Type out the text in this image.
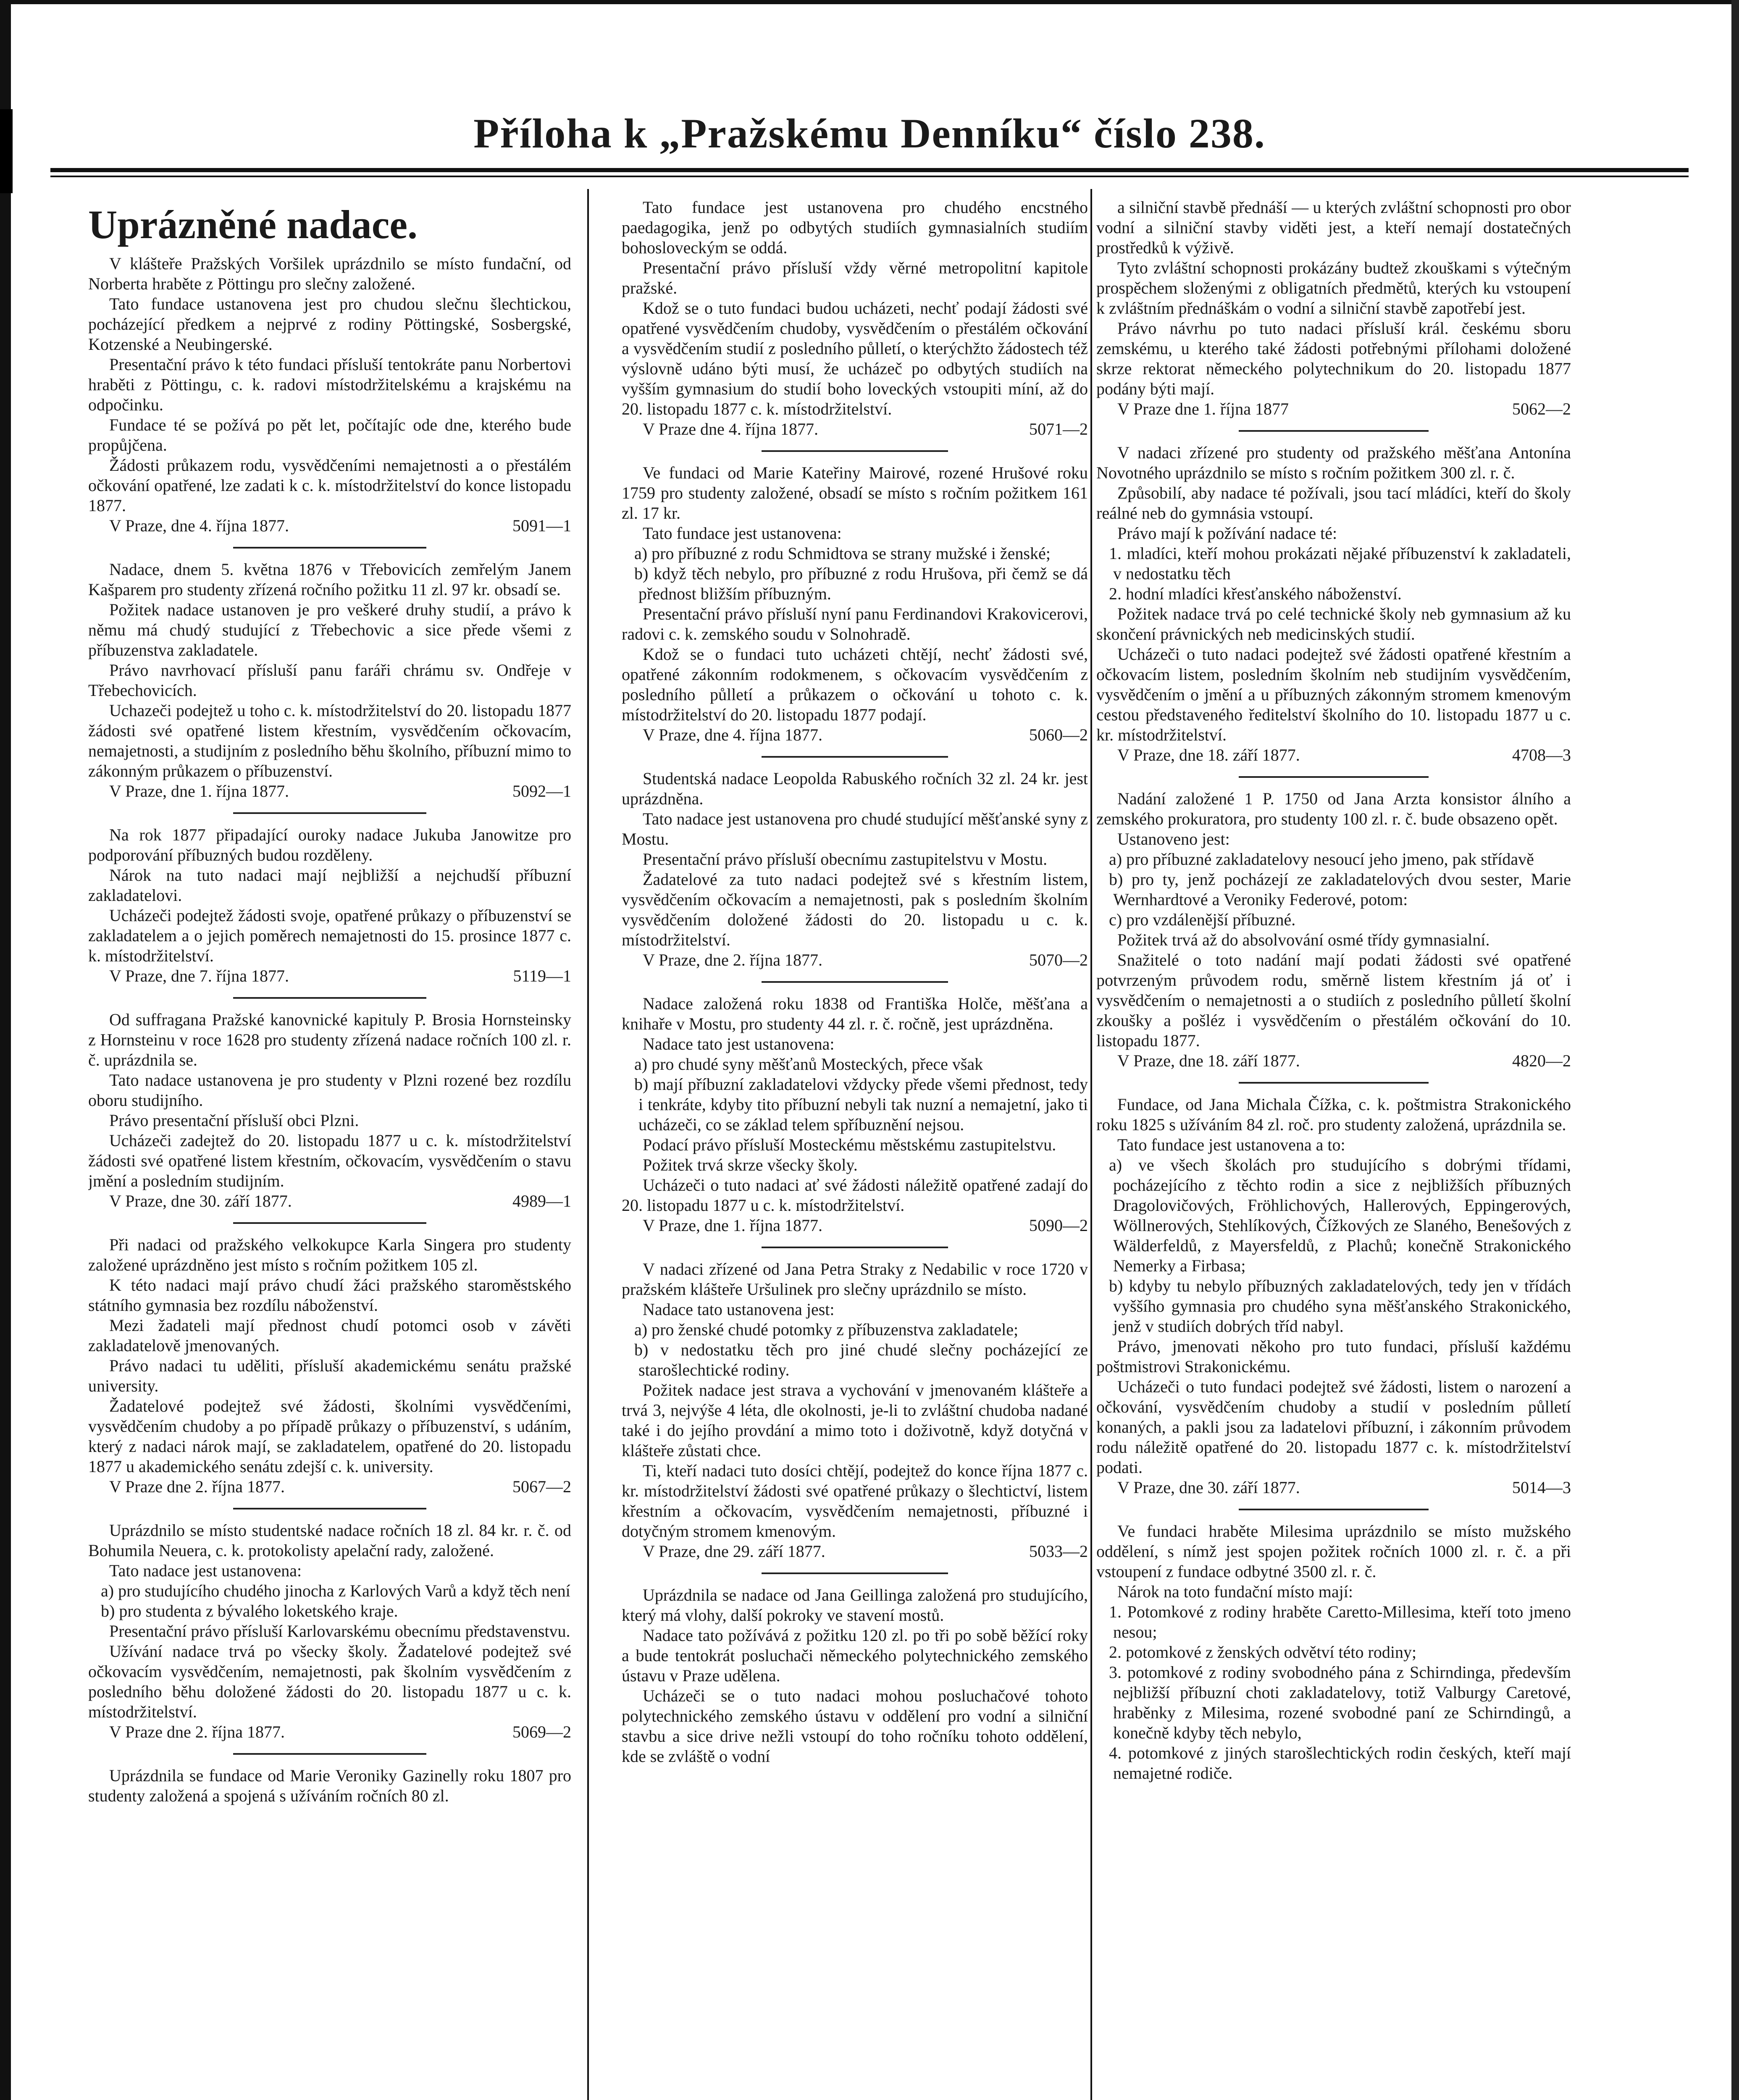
Příloha k „Pražskému Denníku“ číslo 238.
Uprázněné nadace.

V klášteře Pražských Voršilek uprázdnilo se místo fundační, od Norberta hraběte z Pöttingu pro slečny založené.

Tato fundace ustanovena jest pro chudou slečnu šlechtickou, pocházející předkem a nejprvé z rodiny Pöttingské, Sosbergské, Kotzenské a Neubingerské.

Presentační právo k této fundaci přísluší tentokráte panu Norbertovi hraběti z Pöttingu, c. k. radovi místodržitelskému a krajskému na odpočinku.

Fundace té se požívá po pět let, počítajíc ode dne, kterého bude propůjčena.

Žádosti průkazem rodu, vysvědčeními nemajetnosti a o přestálém očkování opatřené, lze zadati k c. k. místodržitelství do konce listopadu 1877.

V Praze, dne 4. října 1877.	5091—1

Nadace, dnem 5. května 1876 v Třebovicích zemřelým Janem Kašparem pro studenty zřízená ročního požitku 11 zl. 97 kr. obsadí se.

Požitek nadace ustanoven je pro veškeré druhy studií, a právo k němu má chudý studující z Třebechovic a sice přede všemi z příbuzenstva zakladatele.

Právo navrhovací přísluší panu faráři chrámu sv. Ondřeje v Třebechovicích.

Uchazeči podejtež u toho c. k. místodržitelství do 20. listopadu 1877 žádosti své opatřené listem křestním, vysvědčením očkovacím, nemajetnosti, a studijním z posledního běhu školního, příbuzní mimo to zákonným průkazem o příbuzenství.

V Praze, dne 1. října 1877.	5092—1

Na rok 1877 připadající ouroky nadace Jukuba Janowitze pro podporování příbuzných budou rozděleny.

Nárok na tuto nadaci mají nejbližší a nejchudší příbuzní zakladatelovi.

Ucházeči podejtež žádosti svoje, opatřené průkazy o příbuzenství se zakladatelem a o jejich poměrech nemajetnosti do 15. prosince 1877 c. k. místodržitelství.

V Praze, dne 7. října 1877.	5119—1

Od suffragana Pražské kanovnické kapituly P. Brosia Hornsteinsky z Hornsteinu v roce 1628 pro studenty zřízená nadace ročních 100 zl. r. č. uprázdnila se.

Tato nadace ustanovena je pro studenty v Plzni rozené bez rozdílu oboru studijního.

Právo presentační přísluší obci Plzni.

Ucházeči zadejtež do 20. listopadu 1877 u c. k. místodržitelství žádosti své opatřené listem křestním, očkovacím, vysvědčením o stavu jmění a posledním studijním.

V Praze, dne 30. září 1877.	4989—1

Při nadaci od pražského velkokupce Karla Singera pro studenty založené uprázdněno jest místo s ročním požitkem 105 zl.

K této nadaci mají právo chudí žáci pražského staroměstského státního gymnasia bez rozdílu náboženství.

Mezi žadateli mají přednost chudí potomci osob v závěti zakladatelově jmenovaných.

Právo nadaci tu uděliti, přísluší akademickému senátu pražské university.

Žadatelové podejtež své žádosti, školními vysvědčeními, vysvědčením chudoby a po případě průkazy o příbuzenství, s udáním, který z nadaci nárok mají, se zakladatelem, opatřené do 20. listopadu 1877 u akademického senátu zdejší c. k. university.

V Praze dne 2. října 1877.	5067—2

Uprázdnilo se místo studentské nadace ročních 18 zl. 84 kr. r. č. od Bohumila Neuera, c. k. protokolisty apelační rady, založené.

Tato nadace jest ustanovena:

a) pro studujícího chudého jinocha z Karlových Varů a když těch není

b) pro studenta z bývalého loketského kraje.

Presentační právo přísluší Karlovarskému obecnímu představenstvu.

Užívání nadace trvá po všecky školy. Žadatelové podejtež své očkovacím vysvědčením, nemajetnosti, pak školním vysvědčením z posledního běhu doložené žádosti do 20. listopadu 1877 u c. k. místodržitelství.

V Praze dne 2. října 1877.	5069—2

Uprázdnila se fundace od Marie Veroniky Gazinelly roku 1807 pro studenty založená a spojená s užíváním ročních 80 zl.

Tato fundace jest ustanovena pro chudého encstného paedagogika, jenž po odbytých studiích gymnasialních studiím bohosloveckým se oddá.

Presentační právo přísluší vždy věrné metropolitní kapitole pražské.

Kdož se o tuto fundaci budou ucházeti, nechť podají žádosti své opatřené vysvědčením chudoby, vysvědčením o přestálém očkování a vysvědčením studií z posledního půlletí, o kterýchžto žádostech též výslovně udáno býti musí, že ucházeč po odbytých studiích na vyšším gymnasium do studií boho loveckých vstoupiti míní, až do 20. listopadu 1877 c. k. místodržitelství.

V Praze dne 4. října 1877.	5071—2

Ve fundaci od Marie Kateřiny Mairové, rozené Hrušové roku 1759 pro studenty založené, obsadí se místo s ročním požitkem 161 zl. 17 kr.

Tato fundace jest ustanovena:

a) pro příbuzné z rodu Schmidtova se strany mužské i ženské;

b) když těch nebylo, pro příbuzné z rodu Hrušova, při čemž se dá přednost bližším příbuzným.

Presentační právo přísluší nyní panu Ferdinandovi Krakovicerovi, radovi c. k. zemského soudu v Solnohradě.

Kdož se o fundaci tuto ucházeti chtějí, nechť žádosti své, opatřené zákonním rodokmenem, s očkovacím vysvědčením z posledního půlletí a průkazem o očkování u tohoto c. k. místodržitelství do 20. listopadu 1877 podají.

V Praze, dne 4. října 1877.	5060—2

Studentská nadace Leopolda Rabuského ročních 32 zl. 24 kr. jest uprázdněna.

Tato nadace jest ustanovena pro chudé studující měšťanské syny z Mostu.

Presentační právo přísluší obecnímu zastupitelstvu v Mostu.

Žadatelové za tuto nadaci podejtež své s křestním listem, vysvědčením očkovacím a nemajetnosti, pak s posledním školním vysvědčením doložené žádosti do 20. listopadu u c. k. místodržitelství.

V Praze, dne 2. října 1877.	5070—2

Nadace založená roku 1838 od Františka Holče, měšťana a knihaře v Mostu, pro studenty 44 zl. r. č. ročně, jest uprázdněna.

Nadace tato jest ustanovena:

a) pro chudé syny měšťanů Mosteckých, přece však

b) mají příbuzní zakladatelovi vždycky přede všemi přednost, tedy i tenkráte, kdyby tito příbuzní nebyli tak nuzní a nemajetní, jako ti ucházeči, co se základ telem spříbuznění nejsou.

Podací právo přísluší Mosteckému městskému zastupitelstvu.

Požitek trvá skrze všecky školy.

Ucházeči o tuto nadaci ať své žádosti náležitě opatřené zadají do 20. listopadu 1877 u c. k. místodržitelství.

V Praze, dne 1. října 1877.	5090—2

V nadaci zřízené od Jana Petra Straky z Nedabilic v roce 1720 v pražském klášteře Uršulinek pro slečny uprázdnilo se místo.

Nadace tato ustanovena jest:

a) pro ženské chudé potomky z příbuzenstva zakladatele;

b) v nedostatku těch pro jiné chudé slečny pocházející ze starošlechtické rodiny.

Požitek nadace jest strava a vychování v jmenovaném klášteře a trvá 3, nejvýše 4 léta, dle okolnosti, je-li to zvláštní chudoba nadané také i do jejího provdání a mimo toto i doživotně, když dotyčná v klášteře zůstati chce.

Ti, kteří nadaci tuto dosíci chtějí, podejtež do konce října 1877 c. kr. místodržitelství žádosti své opatřené průkazy o šlechtictví, listem křestním a očkovacím, vysvědčením nemajetnosti, příbuzné i dotyčným stromem kmenovým.

V Praze, dne 29. září 1877.	5033—2

Uprázdnila se nadace od Jana Geillinga založená pro studujícího, který má vlohy, další pokroky ve stavení mostů.

Nadace tato požívává z požitku 120 zl. po tři po sobě běžící roky a bude tentokrát posluchači německého polytechnického zemského ústavu v Praze udělena.

Ucházeči se o tuto nadaci mohou posluchačové tohoto polytechnického zemského ústavu v oddělení pro vodní a silniční stavbu a sice drive nežli vstoupí do toho ročníku tohoto oddělení, kde se zvláště o vodní

a silniční stavbě přednáší — u kterých zvláštní schopnosti pro obor vodní a silniční stavby viděti jest, a kteří nemají dostatečných prostředků k výživě.

Tyto zvláštní schopnosti prokázány budtež zkouškami s výtečným prospěchem složenými z obligatních předmětů, kterých ku vstoupení k zvláštním přednáškám o vodní a silniční stavbě zapotřebí jest.

Právo návrhu po tuto nadaci přísluší král. českému sboru zemskému, u kterého také žádosti potřebnými přílohami doložené skrze rektorat německého polytechnikum do 20. listopadu 1877 podány býti mají.

V Praze dne 1. října 1877	5062—2

V nadaci zřízené pro studenty od pražského měšťana Antonína Novotného uprázdnilo se místo s ročním požitkem 300 zl. r. č.

Způsobilí, aby nadace té požívali, jsou tací mládíci, kteří do školy reálné neb do gymnásia vstoupí.

Právo mají k požívání nadace té:

1. mladíci, kteří mohou prokázati nějaké příbuzenství k zakladateli, v nedostatku těch

2. hodní mladíci křesťanského náboženství.

Požitek nadace trvá po celé technické školy neb gymnasium až ku skončení právnických neb medicinských studií.

Ucházeči o tuto nadaci podejtež své žádosti opatřené křestním a očkovacím listem, posledním školním neb studijním vysvědčením, vysvědčením o jmění a u příbuzných zákonným stromem kmenovým cestou představeného ředitelství školního do 10. listopadu 1877 u c. kr. místodržitelství.

V Praze, dne 18. září 1877.	4708—3

Nadání založené 1 P. 1750 od Jana Arzta konsistor álního a zemského prokuratora, pro studenty 100 zl. r. č. bude obsazeno opět.

Ustanoveno jest:

a) pro příbuzné zakladatelovy nesoucí jeho jmeno, pak střídavě

b) pro ty, jenž pocházejí ze zakladatelových dvou sester, Marie Wernhardtové a Veroniky Federové, potom:

c) pro vzdálenější příbuzné.

Požitek trvá až do absolvování osmé třídy gymnasialní.

Snažitelé o toto nadání mají podati žádosti své opatřené potvrzeným průvodem rodu, směrně listem křestním já oť i vysvědčením o nemajetnosti a o studiích z posledního půlletí školní zkoušky a pošléz i vysvědčením o přestálém očkování do 10. listopadu 1877.

V Praze, dne 18. září 1877.	4820—2

Fundace, od Jana Michala Čížka, c. k. poštmistra Strakonického roku 1825 s užíváním 84 zl. roč. pro studenty založená, uprázdnila se.

Tato fundace jest ustanovena a to:

a) ve všech školách pro studujícího s dobrými třídami, pocházejícího z těchto rodin a sice z nejbližších příbuzných Dragolovičových, Fröhlichových, Hallerových, Eppingerových, Wöllnerových, Stehlíkových, Čížkových ze Slaného, Benešových z Wälderfeldů, z Mayersfeldů, z Plachů; konečně Strakonického Nemerky a Firbasa;

b) kdyby tu nebylo příbuzných zakladatelových, tedy jen v třídách vyššího gymnasia pro chudého syna měšťanského Strakonického, jenž v studiích dobrých tříd nabyl.

Právo, jmenovati někoho pro tuto fundaci, přísluší každému poštmistrovi Strakonickému.

Ucházeči o tuto fundaci podejtež své žádosti, listem o narození a očkování, vysvědčením chudoby a studií v posledním půlletí konaných, a pakli jsou za ladatelovi příbuzní, i zákonním průvodem rodu náležitě opatřené do 20. listopadu 1877 c. k. místodržitelství podati.

V Praze, dne 30. září 1877.	5014—3

Ve fundaci hraběte Milesima uprázdnilo se místo mužského oddělení, s nímž jest spojen požitek ročních 1000 zl. r. č. a při vstoupení z fundace odbytné 3500 zl. r. č.

Nárok na toto fundační místo mají:

1. Potomkové z rodiny hraběte Caretto-Millesima, kteří toto jmeno nesou;

2. potomkové z ženských odvětví této rodiny;

3. potomkové z rodiny svobodného pána z Schirndinga, především nejbližší příbuzní choti zakladatelovy, totiž Valburgy Caretové, hraběnky z Milesima, rozené svobodné paní ze Schirndingů, a konečně kdyby těch nebylo,

4. potomkové z jiných starošlechtických rodin českých, kteří mají nemajetné rodiče.
